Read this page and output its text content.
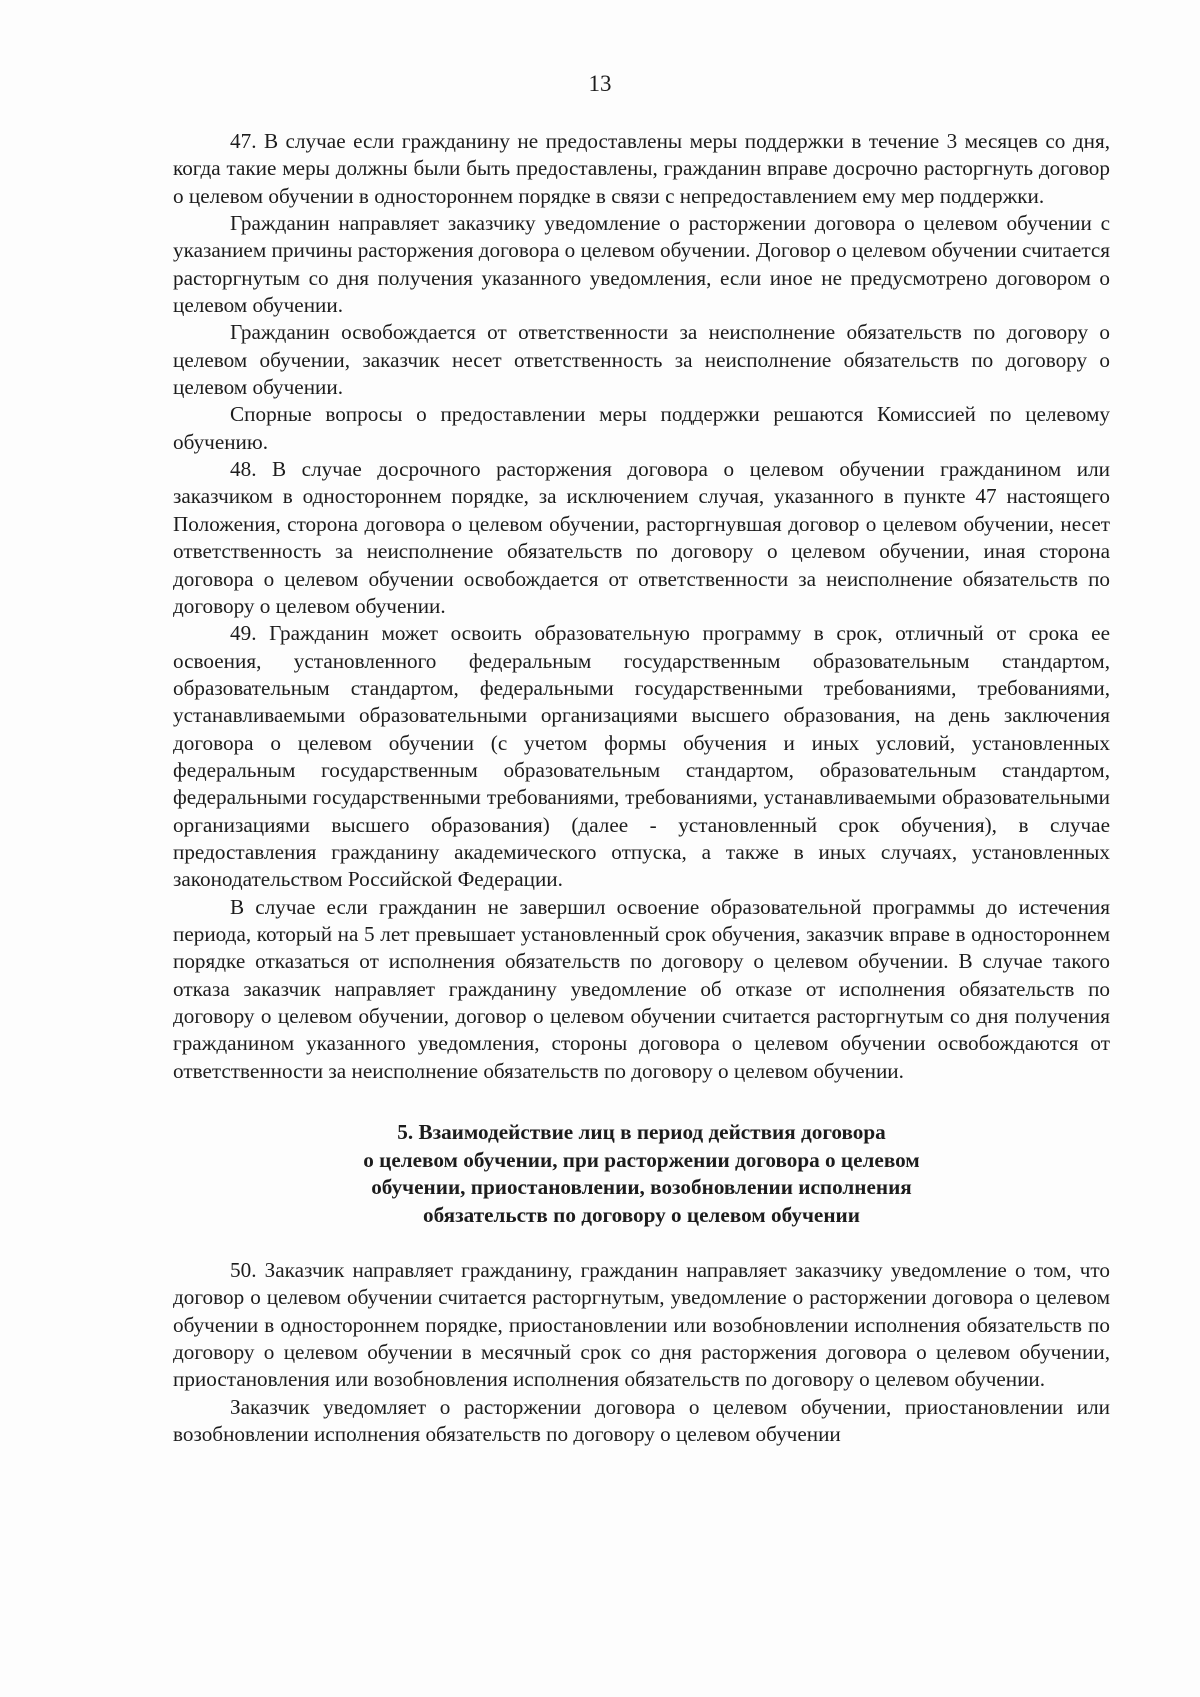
13

47. В случае если гражданину не предоставлены меры поддержки в течение 3 месяцев со дня, когда такие меры должны были быть предоставлены, гражданин вправе досрочно расторгнуть договор о целевом обучении в одностороннем порядке в связи с непредоставлением ему мер поддержки.

Гражданин направляет заказчику уведомление о расторжении договора о целевом обучении с указанием причины расторжения договора о целевом обучении. Договор о целевом обучении считается расторгнутым со дня получения указанного уведомления, если иное не предусмотрено договором о целевом обучении.

Гражданин освобождается от ответственности за неисполнение обязательств по договору о целевом обучении, заказчик несет ответственность за неисполнение обязательств по договору о целевом обучении.

Спорные вопросы о предоставлении меры поддержки решаются Комиссией по целевому обучению.

48. В случае досрочного расторжения договора о целевом обучении гражданином или заказчиком в одностороннем порядке, за исключением случая, указанного в пункте 47 настоящего Положения, сторона договора о целевом обучении, расторгнувшая договор о целевом обучении, несет ответственность за неисполнение обязательств по договору о целевом обучении, иная сторона договора о целевом обучении освобождается от ответственности за неисполнение обязательств по договору о целевом обучении.

49. Гражданин может освоить образовательную программу в срок, отличный от срока ее освоения, установленного федеральным государственным образовательным стандартом, образовательным стандартом, федеральными государственными требованиями, требованиями, устанавливаемыми образовательными организациями высшего образования, на день заключения договора о целевом обучении (с учетом формы обучения и иных условий, установленных федеральным государственным образовательным стандартом, образовательным стандартом, федеральными государственными требованиями, требованиями, устанавливаемыми образовательными организациями высшего образования) (далее - установленный срок обучения), в случае предоставления гражданину академического отпуска, а также в иных случаях, установленных законодательством Российской Федерации.

В случае если гражданин не завершил освоение образовательной программы до истечения периода, который на 5 лет превышает установленный срок обучения, заказчик вправе в одностороннем порядке отказаться от исполнения обязательств по договору о целевом обучении. В случае такого отказа заказчик направляет гражданину уведомление об отказе от исполнения обязательств по договору о целевом обучении, договор о целевом обучении считается расторгнутым со дня получения гражданином указанного уведомления, стороны договора о целевом обучении освобождаются от ответственности за неисполнение обязательств по договору о целевом обучении.

5. Взаимодействие лиц в период действия договора
о целевом обучении, при расторжении договора о целевом
обучении, приостановлении, возобновлении исполнения
обязательств по договору о целевом обучении

50. Заказчик направляет гражданину, гражданин направляет заказчику уведомление о том, что договор о целевом обучении считается расторгнутым, уведомление о расторжении договора о целевом обучении в одностороннем порядке, приостановлении или возобновлении исполнения обязательств по договору о целевом обучении в месячный срок со дня расторжения договора о целевом обучении, приостановления или возобновления исполнения обязательств по договору о целевом обучении.

Заказчик уведомляет о расторжении договора о целевом обучении, приостановлении или возобновлении исполнения обязательств по договору о целевом обучении
